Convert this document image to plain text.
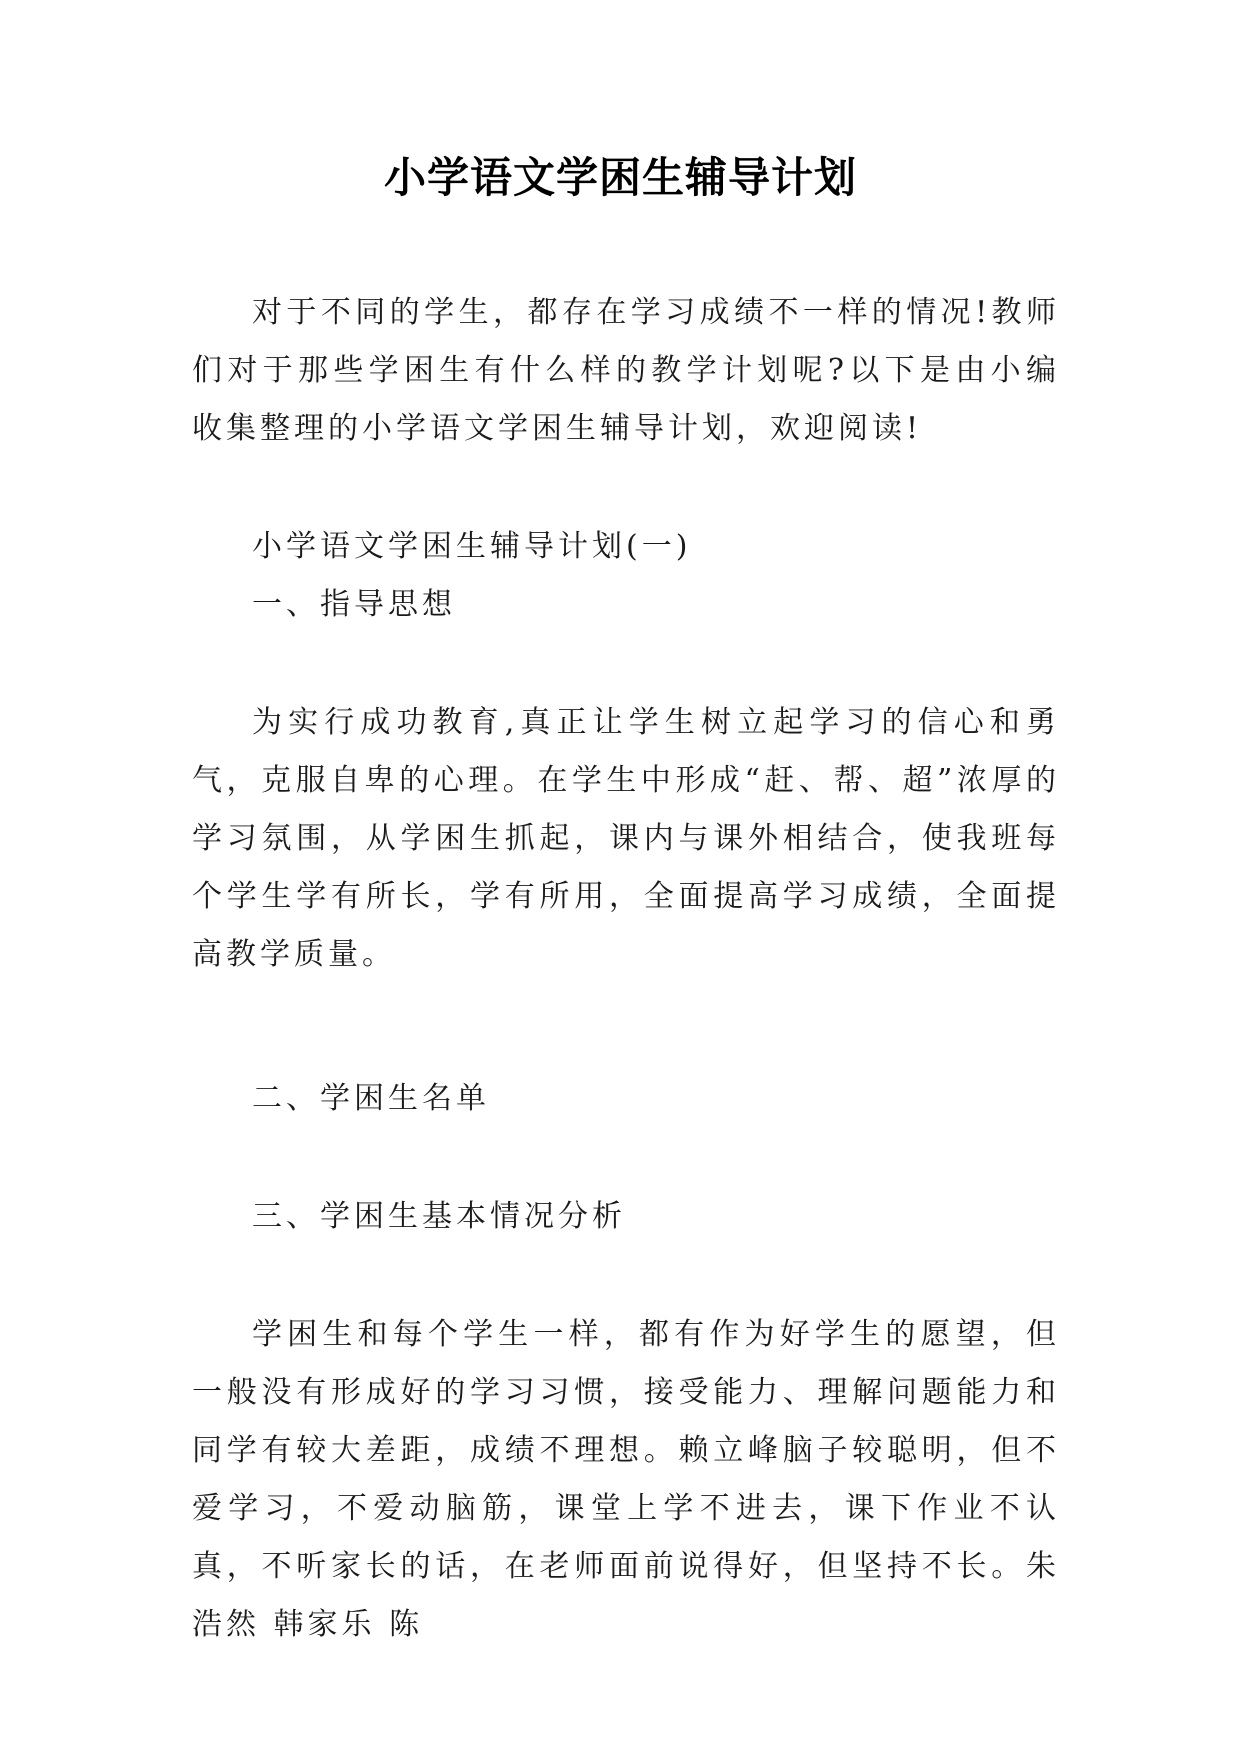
小学语文学困生辅导计划

对于不同的学生，都存在学习成绩不一样的情况!教师们对于那些学困生有什么样的教学计划呢?以下是由小编收集整理的小学语文学困生辅导计划，欢迎阅读!

小学语文学困生辅导计划(一)

一、指导思想

为实行成功教育,真正让学生树立起学习的信心和勇气，克服自卑的心理。在学生中形成“赶、帮、超”浓厚的学习氛围，从学困生抓起，课内与课外相结合，使我班每个学生学有所长，学有所用，全面提高学习成绩，全面提高教学质量。

二、学困生名单

三、学困生基本情况分析

学困生和每个学生一样，都有作为好学生的愿望，但一般没有形成好的学习习惯，接受能力、理解问题能力和同学有较大差距，成绩不理想。赖立峰脑子较聪明，但不爱学习，不爱动脑筋，课堂上学不进去，课下作业不认真，不听家长的话，在老师面前说得好，但坚持不长。朱浩然 韩家乐 陈
